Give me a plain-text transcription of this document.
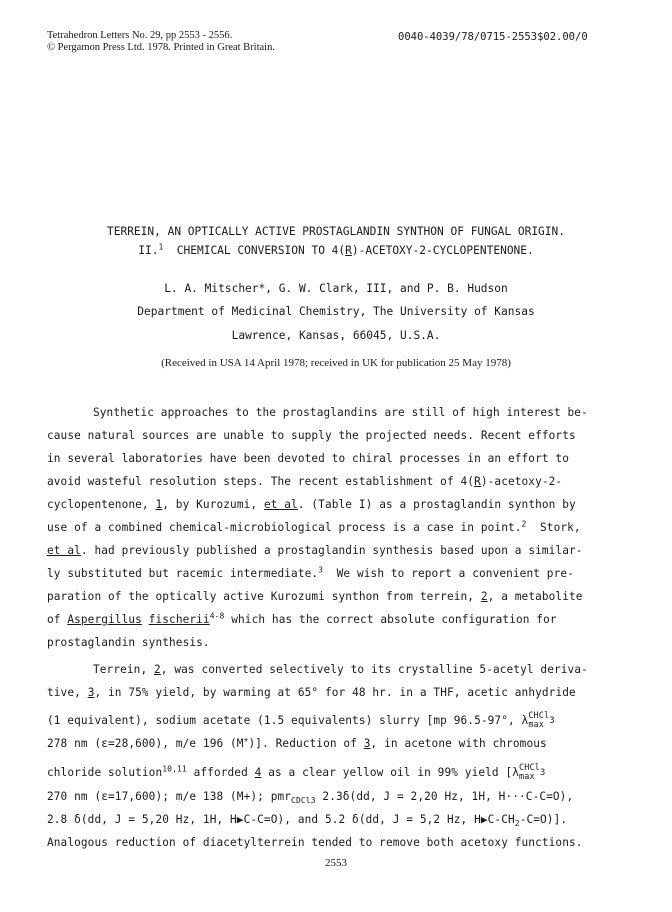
Tetrahedron Letters No. 29, pp 2553 - 2556.
© Pergamon Press Ltd. 1978. Printed in Great Britain.
0040-4039/78/0715-2553$02.00/0
TERREIN, AN OPTICALLY ACTIVE PROSTAGLANDIN SYNTHON OF FUNGAL ORIGIN.
II.$^1$ CHEMICAL CONVERSION TO 4(R)-ACETOXY-2-CYCLOPENTENONE.
L. A. Mitscher*, G. W. Clark, III, and P. B. Hudson
Department of Medicinal Chemistry, The University of Kansas
Lawrence, Kansas, 66045, U.S.A.
(Received in USA 14 April 1978; received in UK for publication 25 May 1978)
Synthetic approaches to the prostaglandins are still of high interest be-
cause natural sources are unable to supply the projected needs. Recent efforts
in several laboratories have been devoted to chiral processes in an effort to
avoid wasteful resolution steps. The recent establishment of 4(R)-acetoxy-2-
cyclopentenone, 1, by Kurozumi, et al. (Table I) as a prostaglandin synthon by
use of a combined chemical-microbiological process is a case in point.$^2$  Stork,
et al. had previously published a prostaglandin synthesis based upon a similar-
ly substituted but racemic intermediate.$^3$  We wish to report a convenient pre-
paration of the optically active Kurozumi synthon from terrein, 2, a metabolite
of Aspergillus fischerii$^{4-8}$ which has the correct absolute configuration for
prostaglandin synthesis.
Terrein, 2, was converted selectively to its crystalline 5-acetyl deriva-
tive, 3, in 75% yield, by warming at 65° for 48 hr. in a THF, acetic anhydride
(1 equivalent), sodium acetate (1.5 equivalents) slurry [mp 96.5-97°, λ CHCl
max 3
278 nm (ε=28,600), m/e 196 (M+)]. Reduction of 3, in acetone with chromous
chloride solution$^{10,11}$ afforded 4 as a clear yellow oil in 99% yield [λ CHCl
max 3
270 nm (ε=17,600); m/e 138 (M+); pmr$_{CDCl3}$ 2.3δ(dd, J = 2,20 Hz, 1H, H···C-C=O),
2.8 δ(dd, J = 5,20 Hz, 1H, H▶C-C=O), and 5.2 δ(dd, J = 5,2 Hz, $H▶C-CH_2-C=O$)].
Analogous reduction of diacetylterrein tended to remove both acetoxy functions.
2553
